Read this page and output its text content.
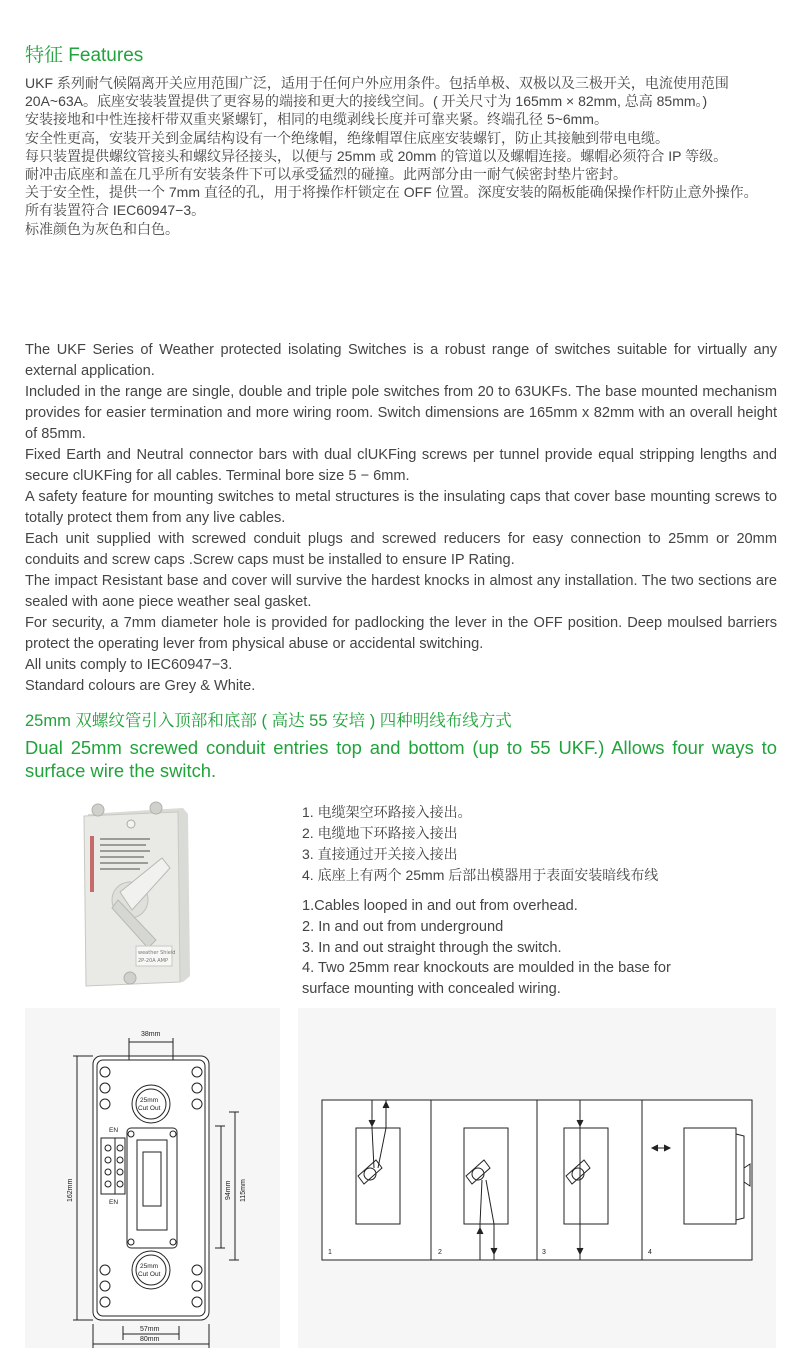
特征 Features

UKF 系列耐气候隔离开关应用范围广泛，适用于任何户外应用条件。包括单极、双极以及三极开关，电流使用范围 20A~63A。底座安装装置提供了更容易的端接和更大的接线空间。( 开关尺寸为 165mm × 82mm, 总高 85mm。)

安装接地和中性连接杆带双重夹紧螺钉，相同的电缆剥线长度并可靠夹紧。终端孔径 5~6mm。

安全性更高，安装开关到金属结构设有一个绝缘帽，绝缘帽罩住底座安装螺钉，防止其接触到带电电缆。

每只装置提供螺纹管接头和螺纹异径接头，以便与 25mm 或 20mm 的管道以及螺帽连接。螺帽必须符合 IP 等级。

耐冲击底座和盖在几乎所有安装条件下可以承受猛烈的碰撞。此两部分由一耐气候密封垫片密封。

关于安全性，提供一个 7mm 直径的孔，用于将操作杆锁定在 OFF 位置。深度安装的隔板能确保操作杆防止意外操作。

所有装置符合 IEC60947−3。

标准颜色为灰色和白色。

The UKF Series of Weather protected isolating Switches is a robust range of switches suitable for virtually any external application.

Included in the range are single, double and triple pole switches from 20 to 63UKFs. The base mounted mechanism provides for easier termination and more wiring room. Switch dimensions are 165mm x 82mm with an overall height of 85mm.

Fixed Earth and Neutral connector bars with dual clUKFing screws per tunnel provide equal stripping lengths and secure clUKFing for all cables. Terminal bore size 5 − 6mm.

A safety feature for mounting switches to metal structures is the insulating caps that cover base mounting screws to totally protect them from any live cables.

Each unit supplied with screwed conduit plugs and screwed reducers for easy connection to 25mm or 20mm conduits and screw caps .Screw caps must be installed to ensure IP Rating.

The impact Resistant base and cover will survive the hardest knocks in almost any installation. The two sections are sealed with aone piece weather seal gasket.

For security, a 7mm diameter hole is provided for padlocking the lever in the OFF position. Deep moulsed barriers protect the operating lever from physical abuse or accidental switching.

All units comply to IEC60947−3.

Standard colours are Grey & White.

25mm 双螺纹管引入顶部和底部 ( 高达 55 安培 ) 四种明线布线方式
Dual 25mm screwed conduit entries top and bottom (up to 55 UKF.) Allows four ways to surface wire the switch.
weather Shield
2P-20A AMP
1. 电缆架空环路接入接出。
2. 电缆地下环路接入接出
3. 直接通过开关接入接出
4. 底座上有两个 25mm 后部出模器用于表面安装暗线布线
1.Cables looped in and out from overhead.
2. In and out from underground
3. In and out straight through the switch.
4. Two 25mm rear knockouts are moulded in the base for
surface mounting with concealed wiring.
38mm
25mm
Cut Out
25mm
Cut Out
EN
EN
162mm	94mm 115mm
57mm
80mm
1	2	3	4
